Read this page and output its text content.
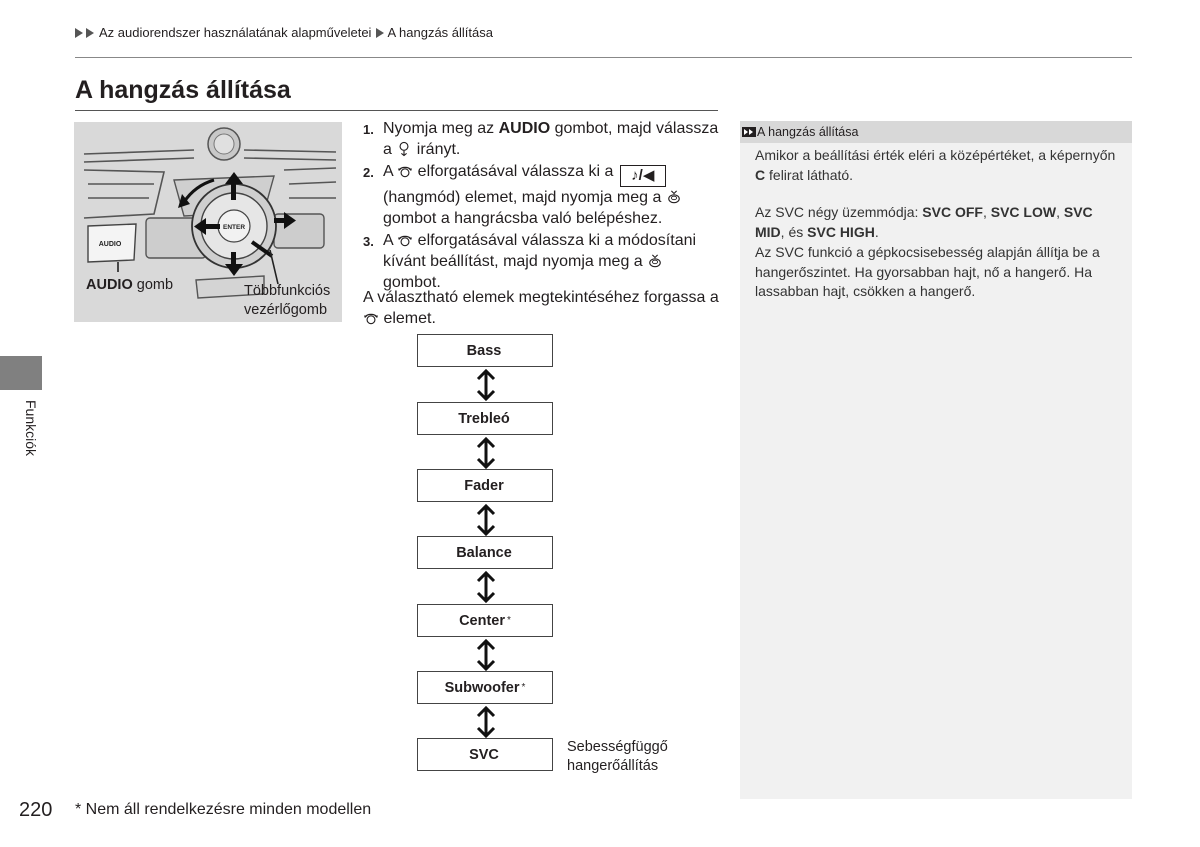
Az audiorendszer használatának alapműveletei A hangzás állítása
A hangzás állítása
AUDIO
ENTER
AUDIO gomb	Többfunkciós
vezérlőgomb
1. Nyomja meg az AUDIO gombot, majd válassza a  irányt.
2. A  elforgatásával válassza ki a ♪/◀ (hangmód) elemet, majd nyomja meg a  gombot a hangrácsba való belépéshez.
3. A  elforgatásával válassza ki a módosítani kívánt beállítást, majd nyomja meg a  gombot.
A választható elemek megtekintéséhez forgassa a  elemet.
Bass
Trebleó
Fader
Balance
Center *
Subwoofer *
SVC	Sebességfüggő
hangerőállítás
A hangzás állítása
Amikor a beállítási érték eléri a középértéket, a képernyőn C felirat látható.
Az SVC négy üzemmódja: SVC OFF, SVC LOW, SVC MID, és SVC HIGH.
Az SVC funkció a gépkocsisebesség alapján állítja be a hangerőszintet. Ha gyorsabban hajt, nő a hangerő. Ha lassabban hajt, csökken a hangerő.
Funkciók
220 * Nem áll rendelkezésre minden modellen
